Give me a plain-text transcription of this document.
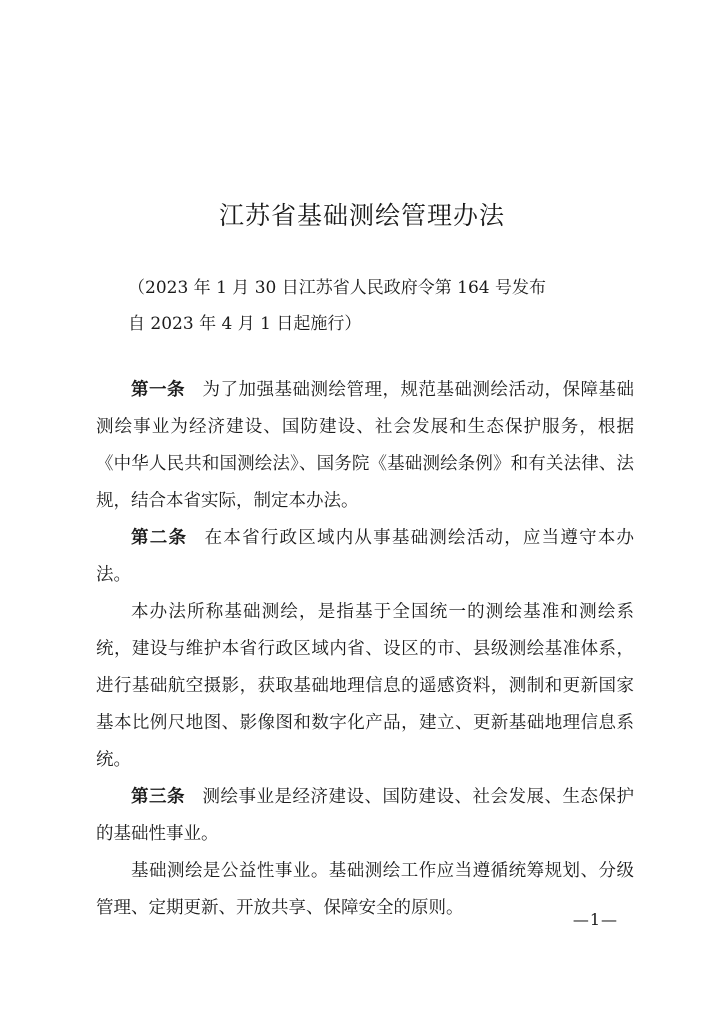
江苏省基础测绘管理办法
（2023 年 1 月 30 日江苏省人民政府令第 164 号发布
自 2023 年 4 月 1 日起施行）

第一条 为了加强基础测绘管理，规范基础测绘活动，保障基础测绘事业为经济建设、国防建设、社会发展和生态保护服务，根据《中华人民共和国测绘法》、国务院《基础测绘条例》和有关法律、法规，结合本省实际，制定本办法。

第二条 在本省行政区域内从事基础测绘活动，应当遵守本办法。

本办法所称基础测绘，是指基于全国统一的测绘基准和测绘系统，建设与维护本省行政区域内省、设区的市、县级测绘基准体系，进行基础航空摄影，获取基础地理信息的遥感资料，测制和更新国家基本比例尺地图、影像图和数字化产品，建立、更新基础地理信息系统。

第三条 测绘事业是经济建设、国防建设、社会发展、生态保护的基础性事业。

基础测绘是公益性事业。基础测绘工作应当遵循统筹规划、分级管理、定期更新、开放共享、保障安全的原则。

—1—
